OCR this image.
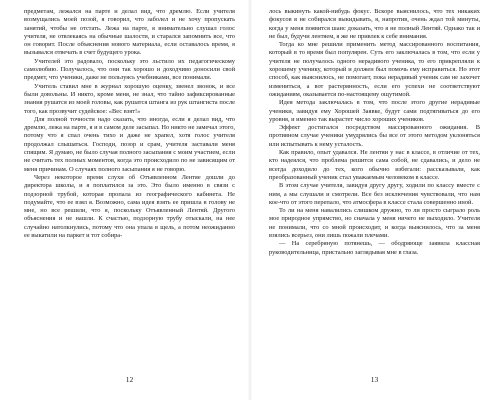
предметам, лежался на парте и делал вид, что дремлю. Если учителя возмущались моей позой, я говорил, что заболел и не хочу пропускать занятий, чтобы не отстать. Лежа на парте, я внимательно слушал голос учителя, не отвлекаясь на обычные шалости, и старался запомнить все, что он говорит. После объяснения нового материала, если оставалось время, я вызывался отвечать в счет будущего урока.

Учителей это радовало, поскольку это льстило их педагогическому самолюбию. Получалось, что они так хорошо и доходчиво доносили свой предмет, что ученики, даже не пользуясь учебниками, все понимали.

Учитель ставил мне в журнал хорошую оценку, звенел звонок, и все были довольны. И никто, кроме меня, не знал, что тайно зафиксированные знания рушатся из моей головы, как рушатся штанга из рук штангиста после того, как прозвучит судейское: «Вес взят!»

Для полной точности надо сказать, что иногда, если я делал вид, что дремлю, лежа на парте, я и в самом деле засыпал. Но никто не замечал этого, потому что я спал очень тихо и даже не храпел, хотя голос учителя продолжал слышаться. Господи, позор и срам, учителя заставали меня спящим. Я думаю, не было случая полного засыпания с моим участием, если не считать тех полных моментов, когда это происходило по не зависящим от меня причинам. О случаях полного засыпания я не говорю.

Через некоторое время слухи об Отъявленном Лентяе дошли до директора школы, и я поплатился за это. Это было именно в связи с подзорной трубой, которая пропала из географического кабинета. Не подумайте, что ее взял я. Возможно, сама идея взять ее пришла в голову не мне, но все решили, что я, поскольку Отъявленный Лентяй. Другого объяснения и не нашли. К счастью, подзорную трубу отыскали, на нее случайно натолкнулись, потому что она упала в щель, а потом неожиданно ее выкатили на паркет и тот собира-

12

лось выкинуть какой-нибудь фокус. Вскоре выяснилось, что тех никаких фокусов я не собирался выкидывать, я, напротив, очень ждал той минуты, когда у меня появится шанс доказать, что я не полный Лентяй. Однако так и не был, будучи лентяем, я же не привлек к себе внимания.

Тогда ко мне решили применить метод массированного воспитания, который в то время был популярен. Суть его заключалась в том, что если у учителя не получалось одного нерадивого ученика, то его прикрепляли к хорошему ученику, который и должен был помочь ему исправиться. Но этот способ, как выяснилось, не помогает, пока нерадивый ученик сам не захочет измениться, а вот растерянность, если его успехи не соответствуют ожиданиям, оказывается по-настоящему ощутимой.

Идея метода заключалась в том, что после этого другие нерадивые ученики, завидуя ему Хорошей Заявке, будут сами подтягиваться до его уровня, и именно так вырастет число хороших учеников.

Эффект достигался посредством массированного ожидания. В противном случае ученики умудрялись бы все от этого методом уклоняться или испытывать к нему усталость.

Как правило, опыт удавался. Не лентяи у нас в классе, в отличие от тех, кто надеялся, что проблема решится сама собой, не сдавались, и дело не всегда доходило до тех, кого обычно избегали: рассказывали, как преобразованный ученик стал уважаемым человеком в классе.

В этом случае учителя, завидуя другу другу, ходили по классу вместе с ним, а мы слушали и смотрели. Все без исключения чувствовали, что нам кое-что от этого перепало, что атмосфера в классе стала совершенно иной.

То ли на меня навалились слишком дружно, то ли просто сыграло роль мое природное упрямство, но сначала у меня ничего не выходило. Учителя не понимали, что со мной происходит, и когда выяснилось, что за меня взялись всерьез, они лишь пожали плечами.

— На серебряную потянешь, — ободряюще заявила классная руководительница, пристально заглядывая мне в глаза.

13
